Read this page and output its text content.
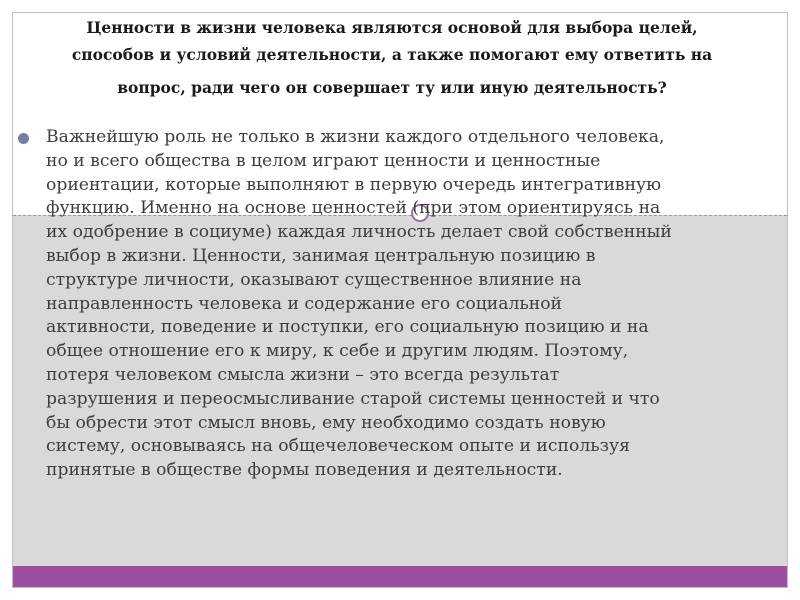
Ценности в жизни человека являются основой для выбора целей,
способов и условий деятельности, а также помогают ему ответить на
вопрос, ради чего он совершает ту или иную деятельность?
Важнейшую роль не только в жизни каждого отдельного человека,
но и всего общества в целом играют ценности и ценностные
ориентации, которые выполняют в первую очередь интегративную
функцию. Именно на основе ценностей (при этом ориентируясь на
их одобрение в социуме) каждая личность делает свой собственный
выбор в жизни. Ценности, занимая центральную позицию в
структуре личности, оказывают существенное влияние на
направленность человека и содержание его социальной
активности, поведение и поступки, его социальную позицию и на
общее отношение его к миру, к себе и другим людям. Поэтому,
потеря человеком смысла жизни – это всегда результат
разрушения и переосмысливание старой системы ценностей и что
бы обрести этот смысл вновь, ему необходимо создать новую
систему, основываясь на общечеловеческом опыте и используя
принятые в обществе формы поведения и деятельности.
